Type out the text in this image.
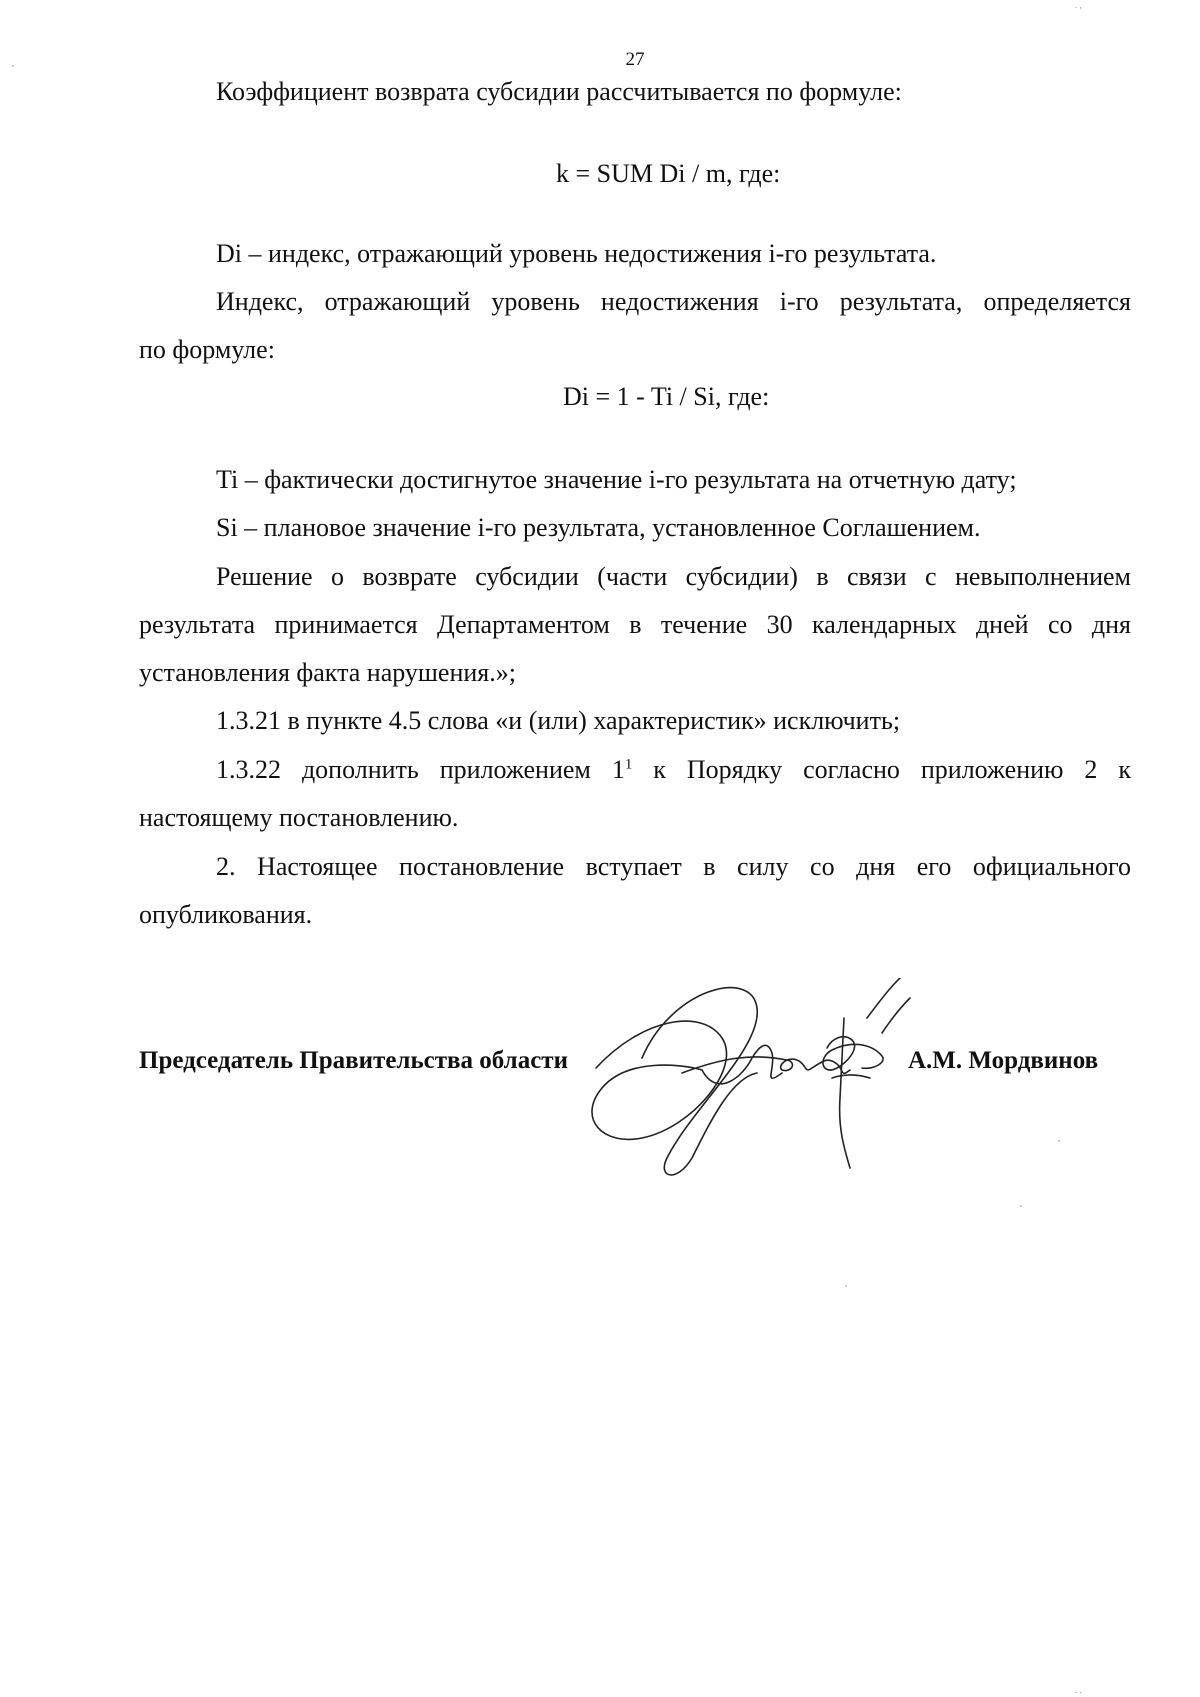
27
Коэффициент возврата субсидии рассчитывается по формуле:
k = SUM Di / m, где:
Di – индекс, отражающий уровень недостижения i-го результата.
Индекс, отражающий уровень недостижения i-го результата, определяется
по формуле:
Di = 1 - Ti / Si, где:
Ti – фактически достигнутое значение i-го результата на отчетную дату;
Si – плановое значение i-го результата, установленное Соглашением.
Решение о возврате субсидии (части субсидии) в связи с невыполнением
результата принимается Департаментом в течение 30 календарных дней со дня
установления факта нарушения.»;
1.3.21 в пункте 4.5 слова «и (или) характеристик» исключить;
1.3.22 дополнить приложением $1^1$ к Порядку согласно приложению 2 к
настоящему постановлению.
2. Настоящее постановление вступает в силу со дня его официального
опубликования.
Председатель Правительства области	А.М. Мордвинов
. ,
. .
